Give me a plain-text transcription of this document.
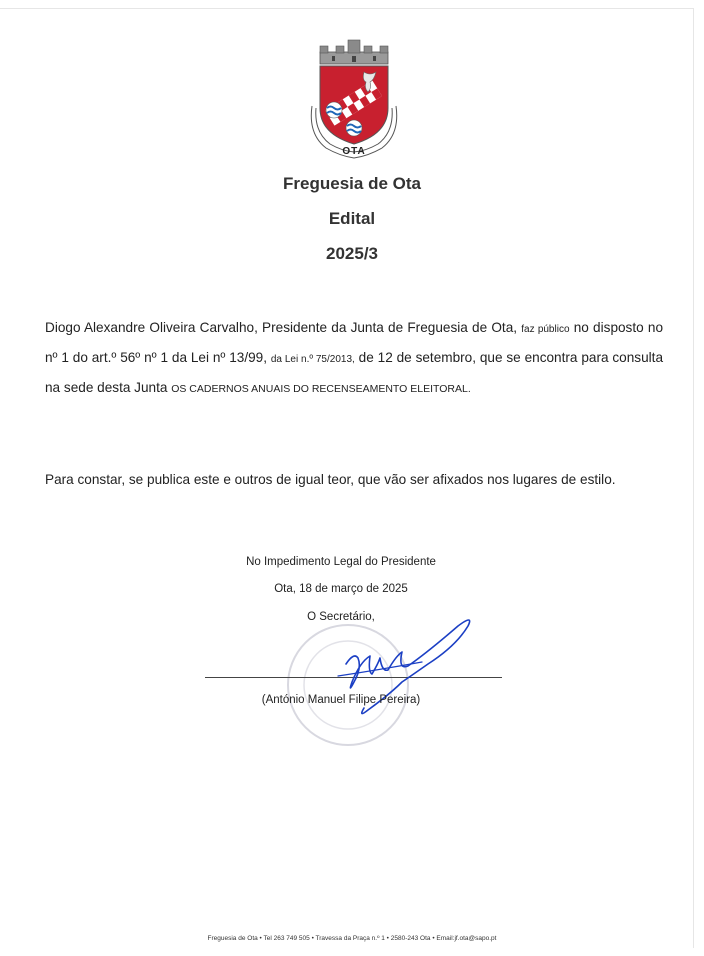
OTA
Freguesia de Ota
Edital
2025/3
Diogo Alexandre Oliveira Carvalho, Presidente da Junta de Freguesia de Ota, faz público no disposto no nº 1 do art.º 56º nº 1 da Lei nº 13/99, da Lei n.º 75/2013, de 12 de setembro, que se encontra para consulta na sede desta Junta OS CADERNOS ANUAIS DO RECENSEAMENTO ELEITORAL.
Para constar, se publica este e outros de igual teor, que vão ser afixados nos lugares de estilo.
No Impedimento Legal do Presidente
Ota, 18 de março de 2025
O Secretário,
(António Manuel Filipe Pereira)
Freguesia de Ota • Tel 263 749 505 • Travessa da Praça n.º 1 • 2580-243 Ota • Email:jf.ota@sapo.pt
